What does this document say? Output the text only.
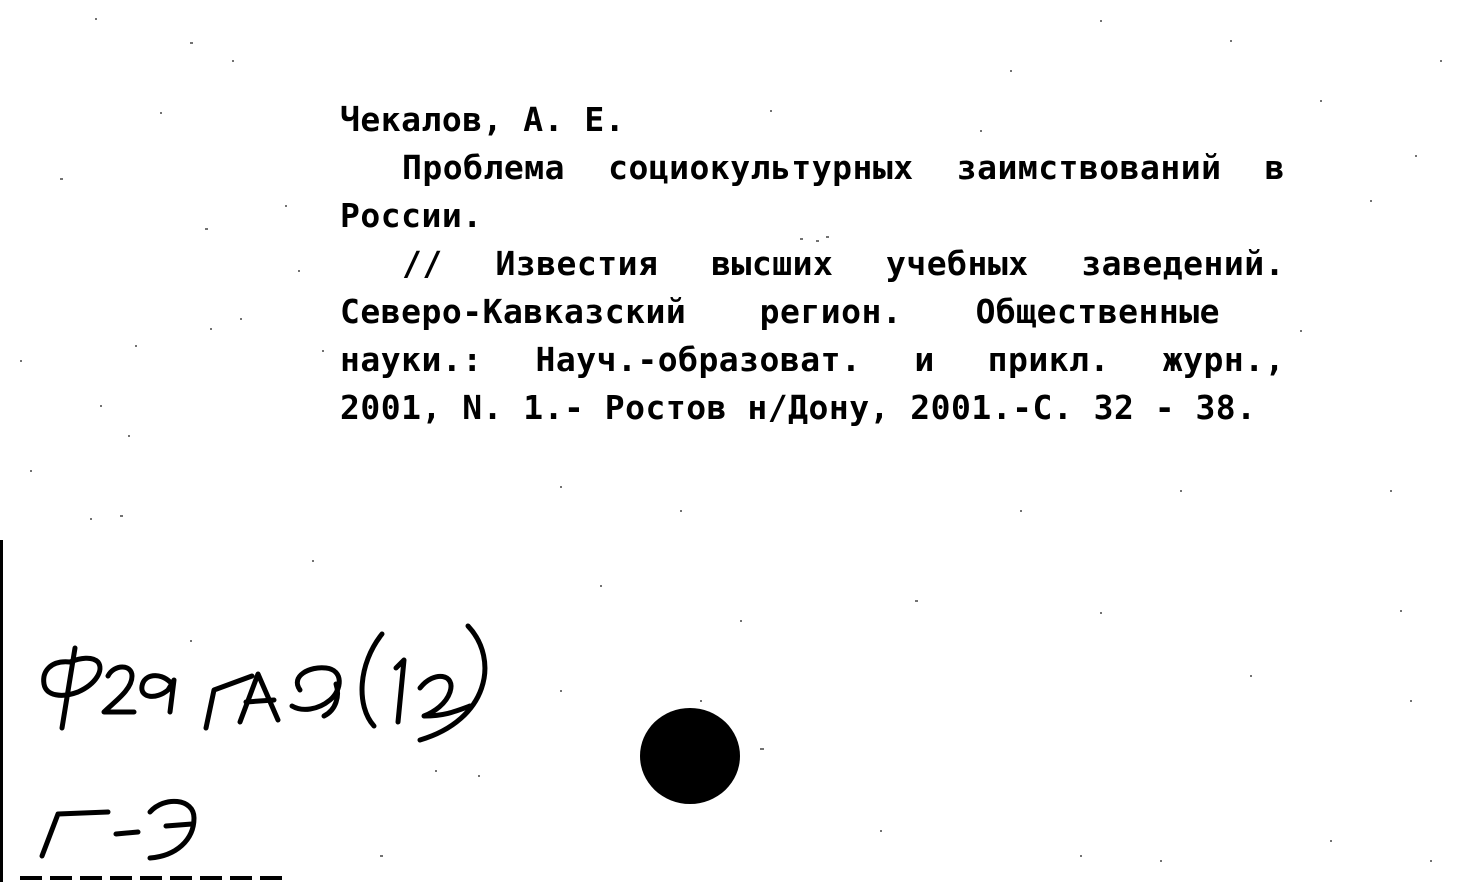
Чекалов, А. Е.
Проблема социокультурных заимствований в
России.
// Известия высших учебных заведений.
Северо-Кавказский регион. Общественные
науки.: Науч.-образоват. и прикл. журн.,
2001, N. 1.- Ростов н/Дону, 2001.-С. 32 - 38.
